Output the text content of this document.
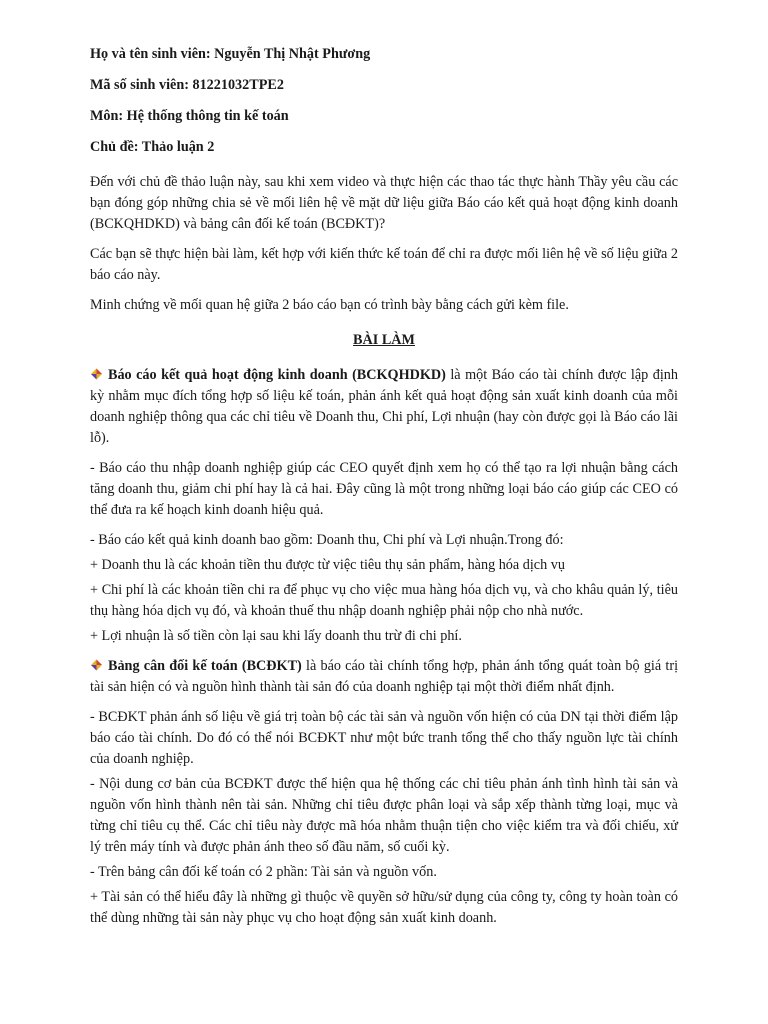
Họ và tên sinh viên: Nguyễn Thị Nhật Phương
Mã số sinh viên: 81221032TPE2
Môn: Hệ thống thông tin kế toán
Chủ đề: Thảo luận 2

Đến với chủ đề thảo luận này, sau khi xem video và thực hiện các thao tác thực hành Thầy yêu cầu các bạn đóng góp những chia sẻ về mối liên hệ về mặt dữ liệu giữa Báo cáo kết quả hoạt động kinh doanh (BCKQHDKD) và bảng cân đối kế toán (BCĐKT)?

Các bạn sẽ thực hiện bài làm, kết hợp với kiến thức kế toán để chỉ ra được mối liên hệ về số liệu giữa 2 báo cáo này.

Minh chứng về mối quan hệ giữa 2 báo cáo bạn có trình bày bằng cách gửi kèm file.

BÀI LÀM

Báo cáo kết quả hoạt động kinh doanh (BCKQHDKD) là một Báo cáo tài chính được lập định kỳ nhằm mục đích tổng hợp số liệu kế toán, phản ánh kết quả hoạt động sản xuất kinh doanh của mỗi doanh nghiệp thông qua các chỉ tiêu về Doanh thu, Chi phí, Lợi nhuận (hay còn được gọi là Báo cáo lãi lỗ).

- Báo cáo thu nhập doanh nghiệp giúp các CEO quyết định xem họ có thể tạo ra lợi nhuận bằng cách tăng doanh thu, giảm chi phí hay là cả hai. Đây cũng là một trong những loại báo cáo giúp các CEO có thể đưa ra kế hoạch kinh doanh hiệu quả.

- Báo cáo kết quả kinh doanh bao gồm: Doanh thu, Chi phí và Lợi nhuận.Trong đó:

+ Doanh thu là các khoản tiền thu được từ việc tiêu thụ sản phẩm, hàng hóa dịch vụ

+ Chi phí là các khoản tiền chi ra để phục vụ cho việc mua hàng hóa dịch vụ, và cho khâu quản lý, tiêu thụ hàng hóa dịch vụ đó, và khoản thuế thu nhập doanh nghiệp phải nộp cho nhà nước.

+ Lợi nhuận là số tiền còn lại sau khi lấy doanh thu trừ đi chi phí.

Bảng cân đối kế toán (BCĐKT) là báo cáo tài chính tổng hợp, phản ánh tổng quát toàn bộ giá trị tài sản hiện có và nguồn hình thành tài sản đó của doanh nghiệp tại một thời điểm nhất định.

- BCĐKT phản ánh số liệu về giá trị toàn bộ các tài sản và nguồn vốn hiện có của DN tại thời điểm lập báo cáo tài chính. Do đó có thể nói BCĐKT như một bức tranh tổng thể cho thấy nguồn lực tài chính của doanh nghiệp.

- Nội dung cơ bản của BCĐKT được thể hiện qua hệ thống các chỉ tiêu phản ánh tình hình tài sản và nguồn vốn hình thành nên tài sản. Những chỉ tiêu được phân loại và sắp xếp thành từng loại, mục và từng chỉ tiêu cụ thể. Các chỉ tiêu này được mã hóa nhằm thuận tiện cho việc kiểm tra và đối chiếu, xử lý trên máy tính và được phản ánh theo số đầu năm, số cuối kỳ.

- Trên bảng cân đối kế toán có 2 phần: Tài sản và nguồn vốn.

+ Tài sản có thể hiểu đây là những gì thuộc về quyền sở hữu/sử dụng của công ty, công ty hoàn toàn có thể dùng những tài sản này phục vụ cho hoạt động sản xuất kinh doanh.
